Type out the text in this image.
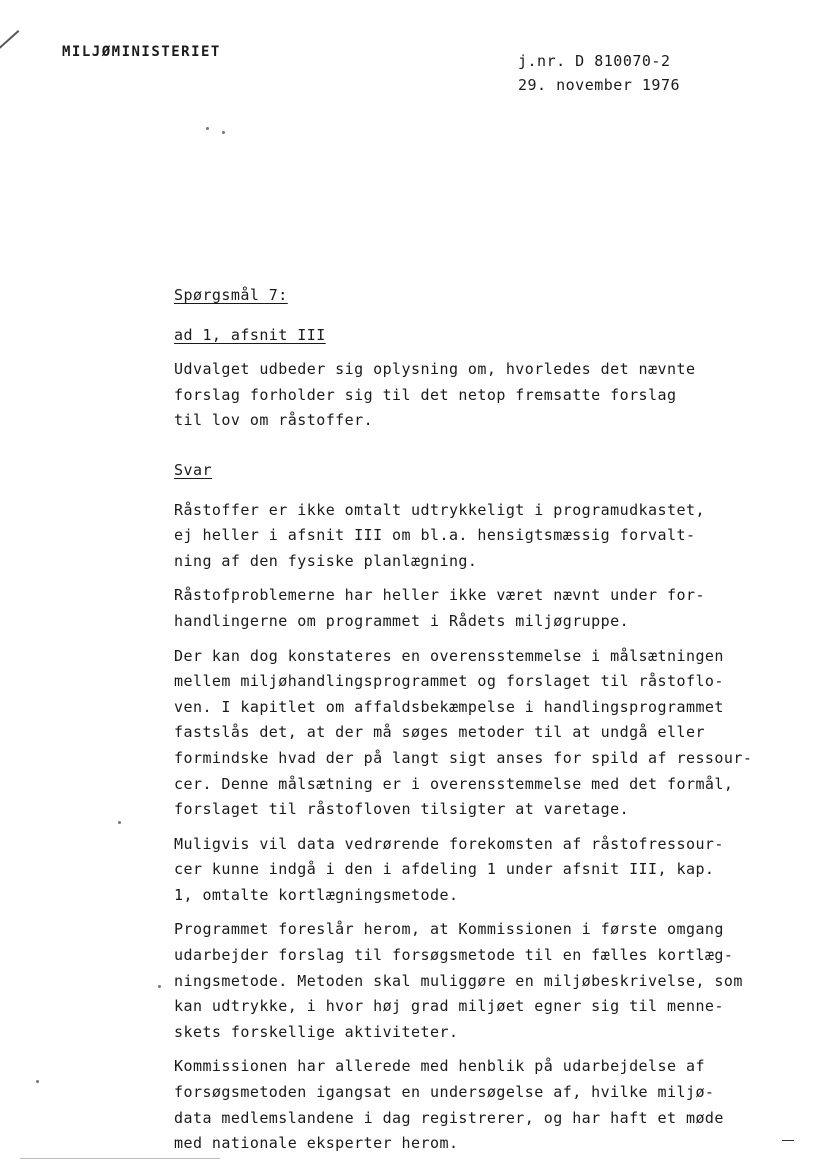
MILJØMINISTERIET	j.nr. D 810070-2
29. november 1976
Spørgsmål 7:
ad 1, afsnit III
Udvalget udbeder sig oplysning om, hvorledes det nævnte
forslag forholder sig til det netop fremsatte forslag
til lov om råstoffer.
Svar
Råstoffer er ikke omtalt udtrykkeligt i programudkastet,
ej heller i afsnit III om bl.a. hensigtsmæssig forvalt-
ning af den fysiske planlægning.
Råstofproblemerne har heller ikke været nævnt under for-
handlingerne om programmet i Rådets miljøgruppe.
Der kan dog konstateres en overensstemmelse i målsætningen
mellem miljøhandlingsprogrammet og forslaget til råstoflo-
ven. I kapitlet om affaldsbekæmpelse i handlingsprogrammet
fastslås det, at der må søges metoder til at undgå eller
formindske hvad der på langt sigt anses for spild af ressour-
cer. Denne målsætning er i overensstemmelse med det formål,
forslaget til råstofloven tilsigter at varetage.
Muligvis vil data vedrørende forekomsten af råstofressour-
cer kunne indgå i den i afdeling 1 under afsnit III, kap.
1, omtalte kortlægningsmetode.
Programmet foreslår herom, at Kommissionen i første omgang
udarbejder forslag til forsøgsmetode til en fælles kortlæg-
ningsmetode. Metoden skal muliggøre en miljøbeskrivelse, som
kan udtrykke, i hvor høj grad miljøet egner sig til menne-
skets forskellige aktiviteter.
Kommissionen har allerede med henblik på udarbejdelse af
forsøgsmetoden igangsat en undersøgelse af, hvilke miljø-
data medlemslandene i dag registrerer, og har haft et møde
med nationale eksperter herom.
